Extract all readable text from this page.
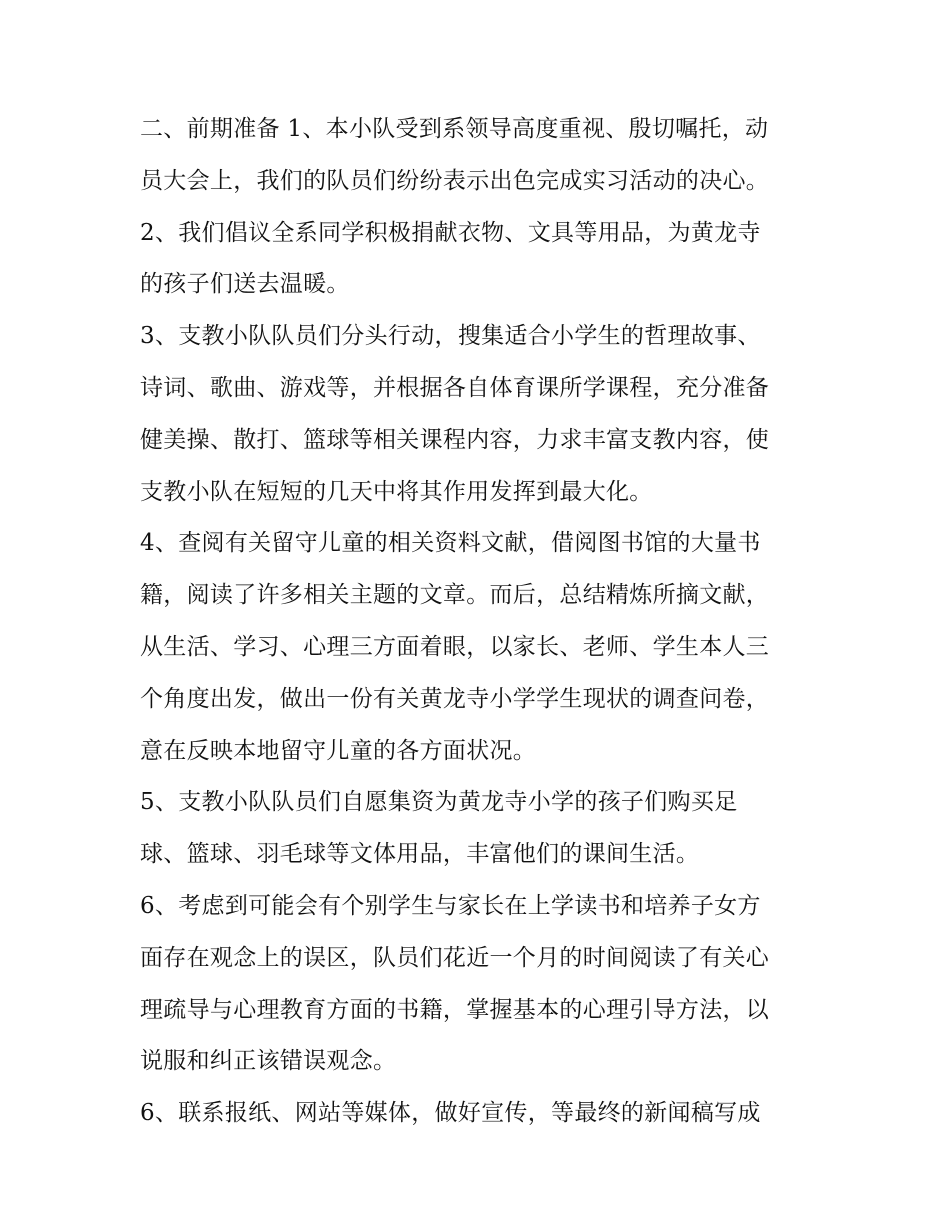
二、前期准备 1、本小队受到系领导高度重视、殷切嘱托，动
员大会上，我们的队员们纷纷表示出色完成实习活动的决心。
2、我们倡议全系同学积极捐献衣物、文具等用品，为黄龙寺
的孩子们送去温暖。
3、支教小队队员们分头行动，搜集适合小学生的哲理故事、
诗词、歌曲、游戏等，并根据各自体育课所学课程，充分准备
健美操、散打、篮球等相关课程内容，力求丰富支教内容，使
支教小队在短短的几天中将其作用发挥到最大化。
4、查阅有关留守儿童的相关资料文献，借阅图书馆的大量书
籍，阅读了许多相关主题的文章。而后，总结精炼所摘文献，
从生活、学习、心理三方面着眼，以家长、老师、学生本人三
个角度出发，做出一份有关黄龙寺小学学生现状的调查问卷，
意在反映本地留守儿童的各方面状况。
5、支教小队队员们自愿集资为黄龙寺小学的孩子们购买足
球、篮球、羽毛球等文体用品，丰富他们的课间生活。
6、考虑到可能会有个别学生与家长在上学读书和培养子女方
面存在观念上的误区，队员们花近一个月的时间阅读了有关心
理疏导与心理教育方面的书籍，掌握基本的心理引导方法，以
说服和纠正该错误观念。
6、联系报纸、网站等媒体，做好宣传，等最终的新闻稿写成
